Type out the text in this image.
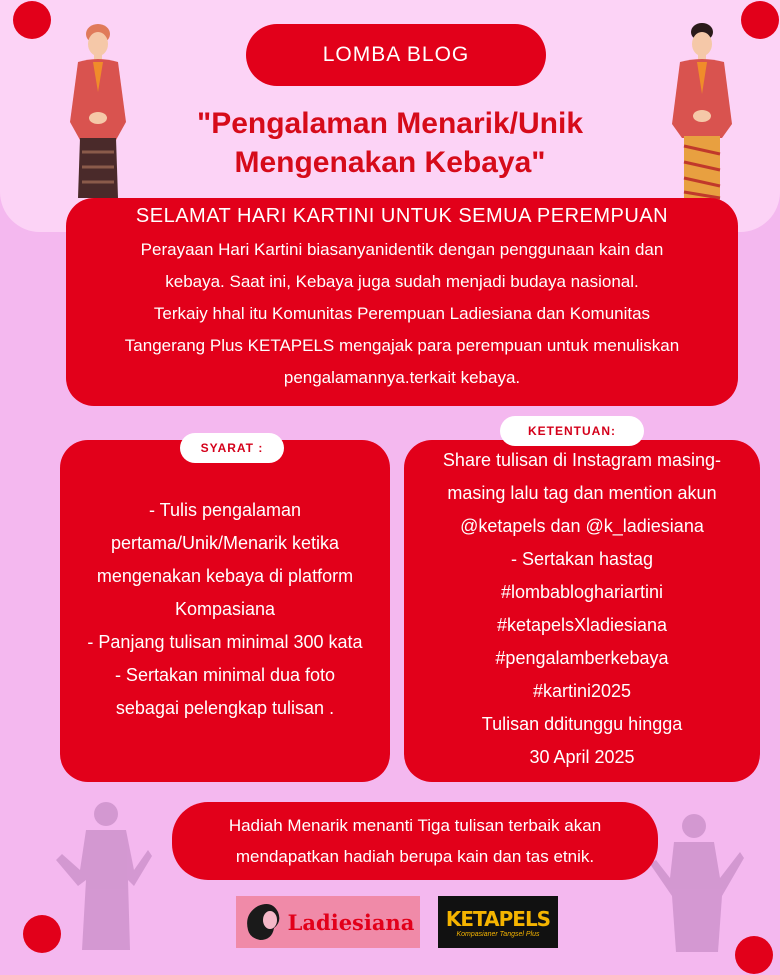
LOMBA BLOG
"Pengalaman Menarik/Unik
Mengenakan Kebaya"
SELAMAT HARI KARTINI UNTUK SEMUA PEREMPUAN
Perayaan Hari Kartini biasanyanidentik dengan penggunaan kain dan
kebaya. Saat ini, Kebaya juga sudah menjadi budaya nasional.
Terkaiy hhal itu Komunitas Perempuan Ladiesiana dan Komunitas
Tangerang Plus KETAPELS mengajak para perempuan untuk menuliskan
pengalamannya.terkait kebaya.
- Tulis pengalaman
pertama/Unik/Menarik ketika
mengenakan kebaya di platform
Kompasiana
- Panjang tulisan minimal 300 kata
- Sertakan minimal dua foto
sebagai pelengkap tulisan .
SYARAT :
Share tulisan di Instagram masing-
masing lalu tag dan mention akun
@ketapels dan @k_ladiesiana
- Sertakan hastag
#lombabloghariartini
#ketapelsXladiesiana
#pengalamberkebaya
#kartini2025
Tulisan dditunggu hingga
30 April 2025
KETENTUAN:
Hadiah Menarik menanti Tiga tulisan terbaik akan
mendapatkan hadiah berupa kain dan tas etnik.
Ladiesiana KETAPELS
Kompasianer Tangsel Plus
